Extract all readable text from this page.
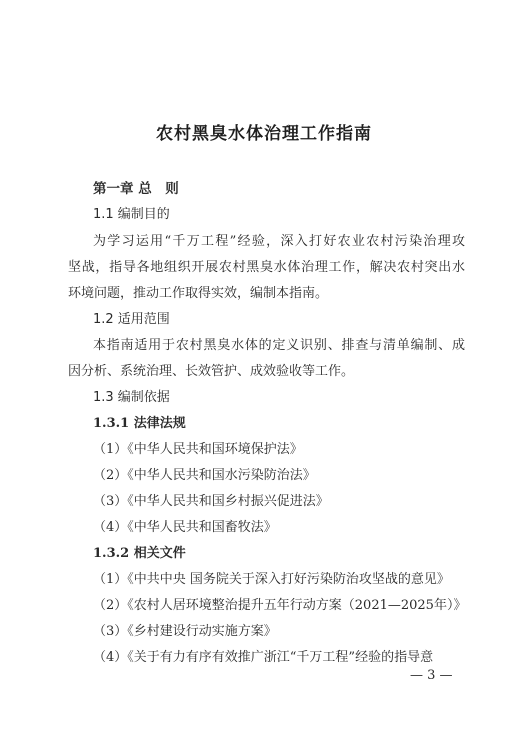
农村黑臭水体治理工作指南
第一章 总　则
1.1 编制目的
为学习运用“千万工程”经验，深入打好农业农村污染治理攻
坚战，指导各地组织开展农村黑臭水体治理工作，解决农村突出水
环境问题，推动工作取得实效，编制本指南。
1.2 适用范围
本指南适用于农村黑臭水体的定义识别、排查与清单编制、成
因分析、系统治理、长效管护、成效验收等工作。
1.3 编制依据
1.3.1 法律法规
（1）《中华人民共和国环境保护法》
（2）《中华人民共和国水污染防治法》
（3）《中华人民共和国乡村振兴促进法》
（4）《中华人民共和国畜牧法》
1.3.2 相关文件
（1）《中共中央 国务院关于深入打好污染防治攻坚战的意见》
（2）《农村人居环境整治提升五年行动方案（2021—2025年）》
（3）《乡村建设行动实施方案》
（4）《关于有力有序有效推广浙江“千万工程”经验的指导意
— 3 —
